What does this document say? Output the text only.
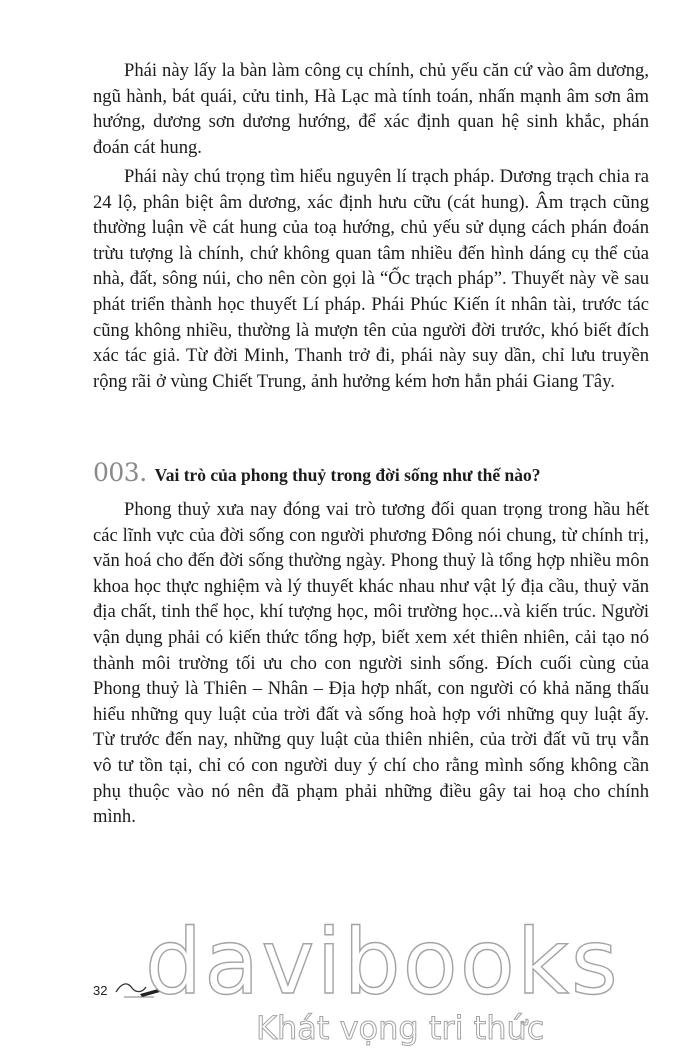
Phái này lấy la bàn làm công cụ chính, chủ yếu căn cứ vào âm dương, ngũ hành, bát quái, cửu tinh, Hà Lạc mà tính toán, nhấn mạnh âm sơn âm hướng, dương sơn dương hướng, để xác định quan hệ sinh khắc, phán đoán cát hung.

Phái này chú trọng tìm hiểu nguyên lí trạch pháp. Dương trạch chia ra 24 lộ, phân biệt âm dương, xác định hưu cữu (cát hung). Âm trạch cũng thường luận về cát hung của toạ hướng, chủ yếu sử dụng cách phán đoán trừu tượng là chính, chứ không quan tâm nhiều đến hình dáng cụ thể của nhà, đất, sông núi, cho nên còn gọi là “Ốc trạch pháp”. Thuyết này về sau phát triển thành học thuyết Lí pháp. Phái Phúc Kiến ít nhân tài, trước tác cũng không nhiều, thường là mượn tên của người đời trước, khó biết đích xác tác giả. Từ đời Minh, Thanh trở đi, phái này suy dần, chỉ lưu truyền rộng rãi ở vùng Chiết Trung, ảnh hưởng kém hơn hẳn phái Giang Tây.

003. Vai trò của phong thuỷ trong đời sống như thế nào?

Phong thuỷ xưa nay đóng vai trò tương đối quan trọng trong hầu hết các lĩnh vực của đời sống con người phương Đông nói chung, từ chính trị, văn hoá cho đến đời sống thường ngày. Phong thuỷ là tổng hợp nhiều môn khoa học thực nghiệm và lý thuyết khác nhau như vật lý địa cầu, thuỷ văn địa chất, tinh thể học, khí tượng học, môi trường học...và kiến trúc. Người vận dụng phải có kiến thức tổng hợp, biết xem xét thiên nhiên, cải tạo nó thành môi trường tối ưu cho con người sinh sống. Đích cuối cùng của Phong thuỷ là Thiên – Nhân – Địa hợp nhất, con người có khả năng thấu hiểu những quy luật của trời đất và sống hoà hợp với những quy luật ấy. Từ trước đến nay, những quy luật của thiên nhiên, của trời đất vũ trụ vẫn vô tư tồn tại, chỉ có con người duy ý chí cho rằng mình sống không cần phụ thuộc vào nó nên đã phạm phải những điều gây tai hoạ cho chính mình.

32 davibooks
Khát vọng tri thức
